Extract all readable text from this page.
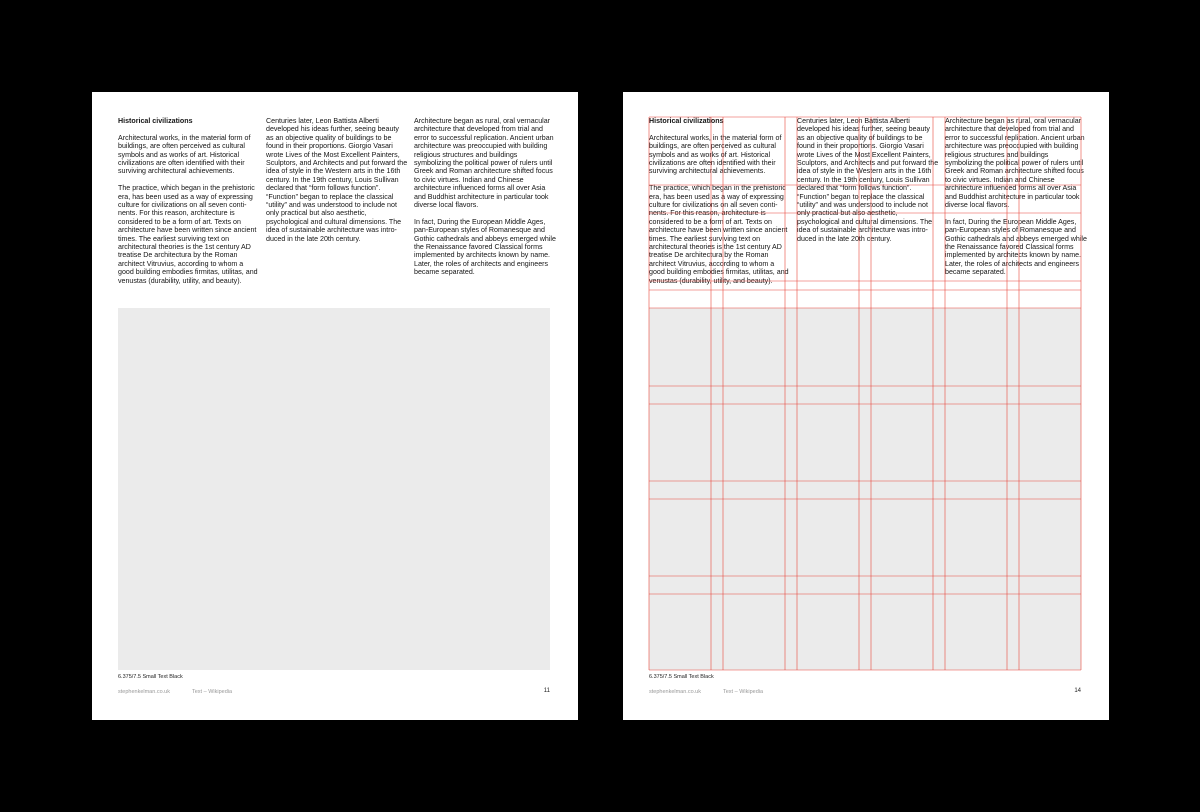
Historical civilizations

Architectural works, in the material form of buildings, are often perceived as cultural symbols and as works of art. Historical civilizations are often identified with their surviving architectural achievements.

The practice, which began in the prehistoric era, has been used as a way of expressing culture for civilizations on all seven conti-nents. For this reason, architecture is considered to be a form of art. Texts on architecture have been written since ancient times. The earliest surviving text on architectural theories is the 1st century AD treatise De architectura by the Roman architect Vitruvius, according to whom a good building embodies firmitas, utilitas, and venustas (durability, utility, and beauty).

Centuries later, Leon Battista Alberti developed his ideas further, seeing beauty as an objective quality of buildings to be found in their proportions. Giorgio Vasari wrote Lives of the Most Excellent Painters, Sculptors, and Architects and put forward the idea of style in the Western arts in the 16th century. In the 19th century, Louis Sullivan declared that “form follows function”. “Function” began to replace the classical “utility” and was understood to include not only practical but also aesthetic, psychological and cultural dimensions. The idea of sustainable architecture was intro-duced in the late 20th century.

Architecture began as rural, oral vernacular architecture that developed from trial and error to successful replication. Ancient urban architecture was preoccupied with building religious structures and buildings symbolizing the political power of rulers until Greek and Roman architecture shifted focus to civic virtues. Indian and Chinese architecture influenced forms all over Asia and Buddhist architecture in particular took diverse local flavors.

In fact, During the European Middle Ages, pan-European styles of Romanesque and Gothic cathedrals and abbeys emerged while the Renaissance favored Classical forms implemented by architects known by name. Later, the roles of architects and engineers became separated.

6.375/7.5 Small Text Black
stephenkelman.co.uk	Text – Wikipedia	11
Historical civilizations

Architectural works, in the material form of buildings, are often perceived as cultural symbols and as works of art. Historical civilizations are often identified with their surviving architectural achievements.

The practice, which began in the prehistoric era, has been used as a way of expressing culture for civilizations on all seven conti-nents. For this reason, architecture is considered to be a form of art. Texts on architecture have been written since ancient times. The earliest surviving text on architectural theories is the 1st century AD treatise De architectura by the Roman architect Vitruvius, according to whom a good building embodies firmitas, utilitas, and venustas (durability, utility, and beauty).

Centuries later, Leon Battista Alberti developed his ideas further, seeing beauty as an objective quality of buildings to be found in their proportions. Giorgio Vasari wrote Lives of the Most Excellent Painters, Sculptors, and Architects and put forward the idea of style in the Western arts in the 16th century. In the 19th century, Louis Sullivan declared that “form follows function”. “Function” began to replace the classical “utility” and was understood to include not only practical but also aesthetic, psychological and cultural dimensions. The idea of sustainable architecture was intro-duced in the late 20th century.

Architecture began as rural, oral vernacular architecture that developed from trial and error to successful replication. Ancient urban architecture was preoccupied with building religious structures and buildings symbolizing the political power of rulers until Greek and Roman architecture shifted focus to civic virtues. Indian and Chinese architecture influenced forms all over Asia and Buddhist architecture in particular took diverse local flavors.

In fact, During the European Middle Ages, pan-European styles of Romanesque and Gothic cathedrals and abbeys emerged while the Renaissance favored Classical forms implemented by architects known by name. Later, the roles of architects and engineers became separated.

6.375/7.5 Small Text Black
stephenkelman.co.uk	Text – Wikipedia	14
